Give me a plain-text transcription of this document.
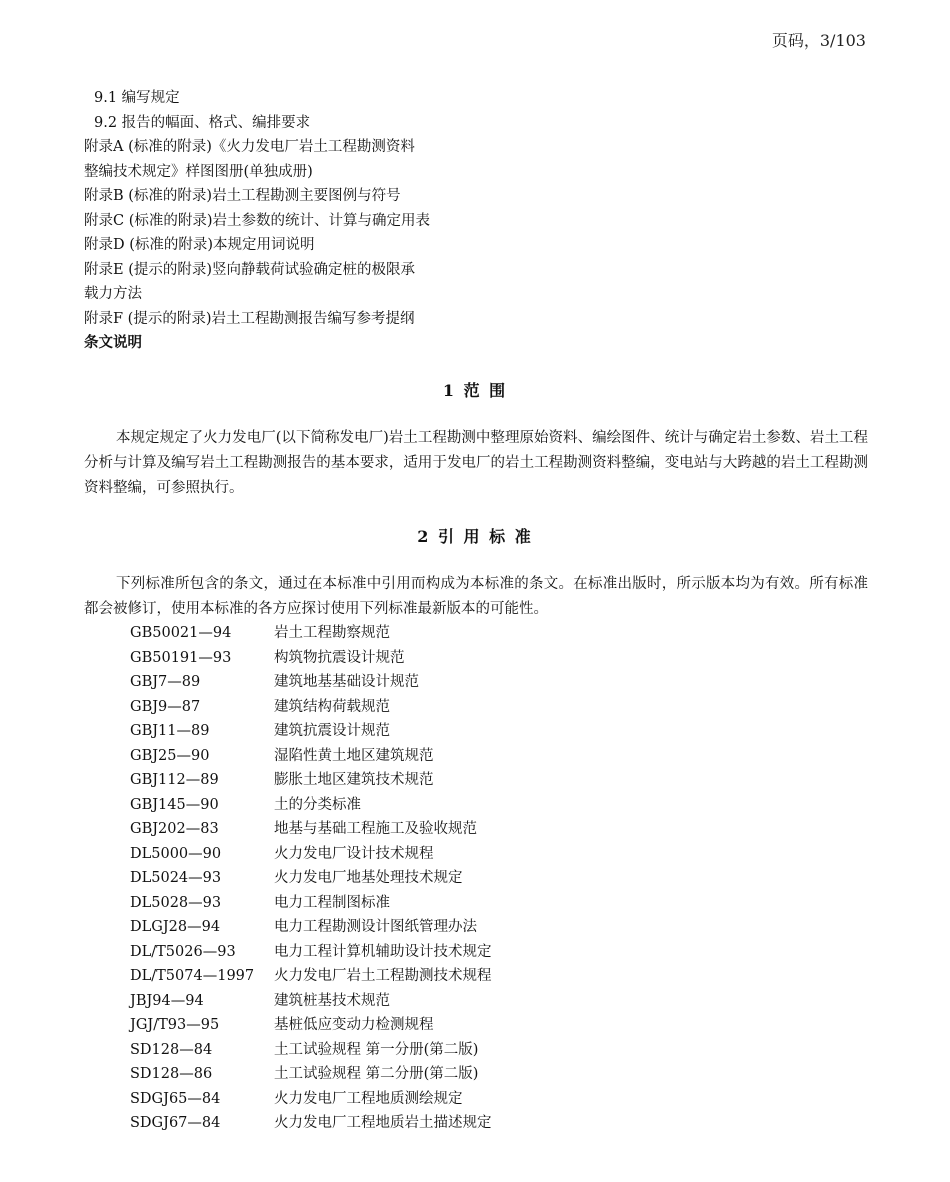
页码，3/103
9.1 编写规定
9.2 报告的幅面、格式、编排要求
附录A (标准的附录)《火力发电厂岩土工程勘测资料
整编技术规定》样图图册(单独成册)
附录B (标准的附录)岩土工程勘测主要图例与符号
附录C (标准的附录)岩土参数的统计、计算与确定用表
附录D (标准的附录)本规定用词说明
附录E (提示的附录)竖向静载荷试验确定桩的极限承
载力方法
附录F (提示的附录)岩土工程勘测报告编写参考提纲
条文说明
1 范 围
本规定规定了火力发电厂(以下简称发电厂)岩土工程勘测中整理原始资料、编绘图件、统计与确定岩土参数、岩土工程分析与计算及编写岩土工程勘测报告的基本要求，适用于发电厂的岩土工程勘测资料整编，变电站与大跨越的岩土工程勘测资料整编，可参照执行。
2 引 用 标 准
下列标准所包含的条文，通过在本标准中引用而构成为本标准的条文。在标准出版时，所示版本均为有效。所有标准都会被修订，使用本标准的各方应探讨使用下列标准最新版本的可能性。
GB50021—94	岩土工程勘察规范
GB50191—93	构筑物抗震设计规范
GBJ7—89	建筑地基基础设计规范
GBJ9—87	建筑结构荷载规范
GBJ11—89	建筑抗震设计规范
GBJ25—90	湿陷性黄土地区建筑规范
GBJ112—89	膨胀土地区建筑技术规范
GBJ145—90	土的分类标准
GBJ202—83	地基与基础工程施工及验收规范
DL5000—90	火力发电厂设计技术规程
DL5024—93	火力发电厂地基处理技术规定
DL5028—93	电力工程制图标准
DLGJ28—94	电力工程勘测设计图纸管理办法
DL/T5026—93	电力工程计算机辅助设计技术规定
DL/T5074—1997	火力发电厂岩土工程勘测技术规程
JBJ94—94	建筑桩基技术规范
JGJ/T93—95	基桩低应变动力检测规程
SD128—84	土工试验规程 第一分册(第二版)
SD128—86	土工试验规程 第二分册(第二版)
SDGJ65—84	火力发电厂工程地质测绘规定
SDGJ67—84	火力发电厂工程地质岩土描述规定
